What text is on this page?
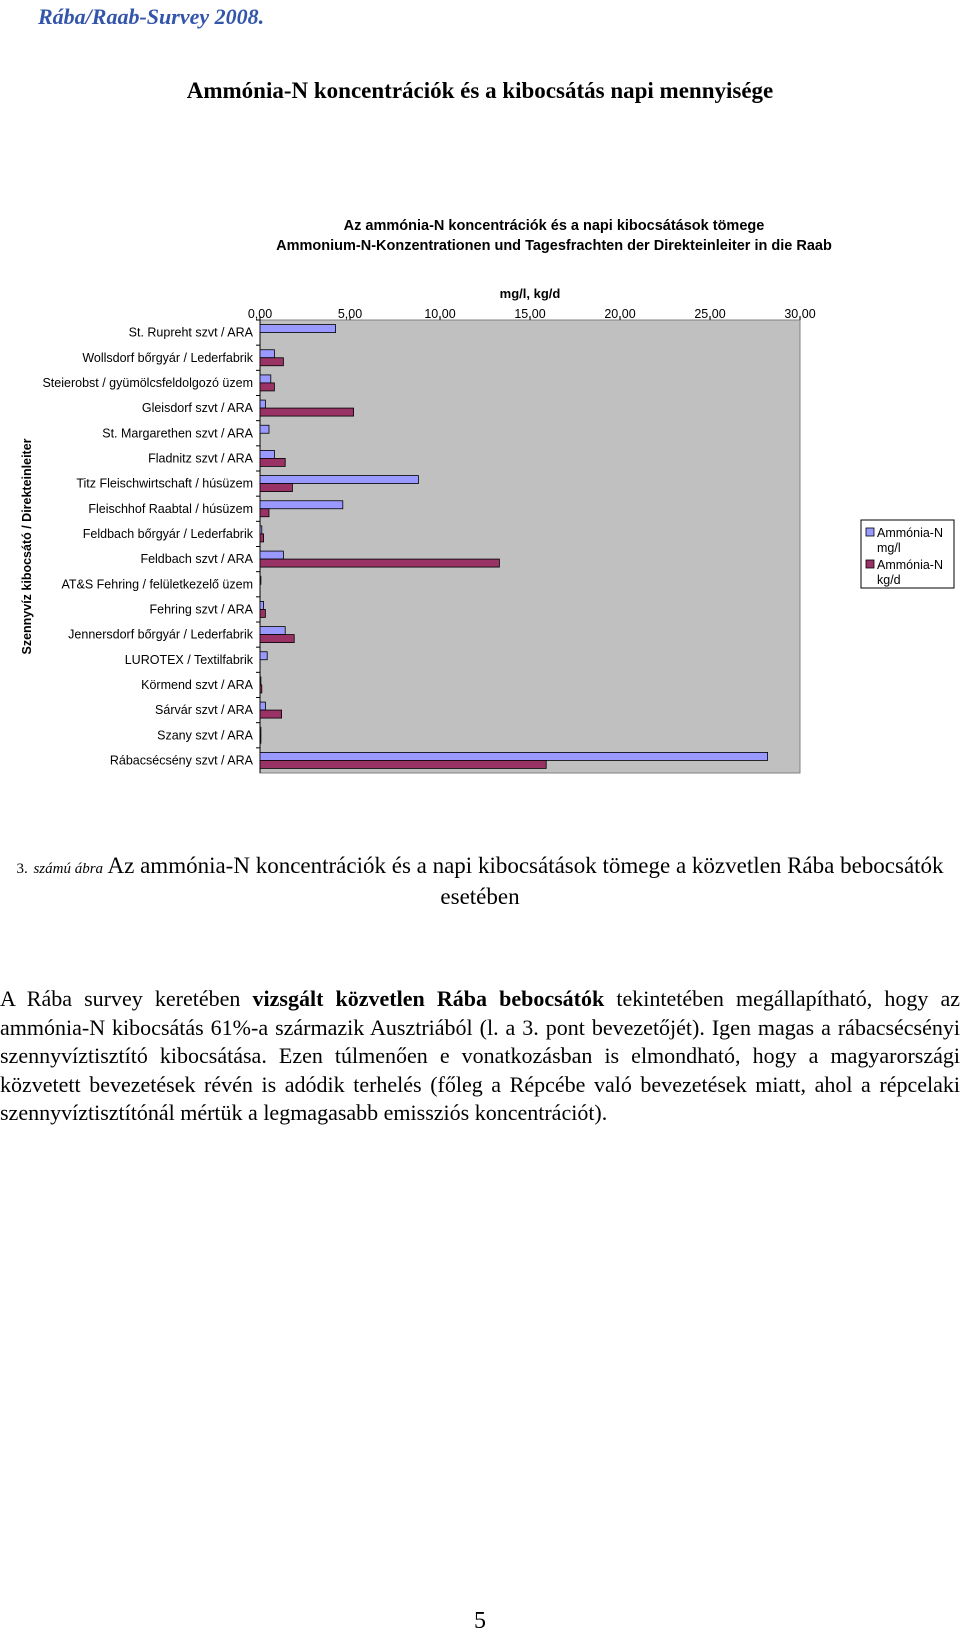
Rába/Raab-Survey 2008.
Ammónia-N koncentrációk és a kibocsátás napi mennyisége
Az ammónia-N koncentrációk és a napi kibocsátások tömege
Ammonium-N-Konzentrationen und Tagesfrachten der Direkteinleiter in die Raab
mg/l, kg/d
0,00	5,00	10,00	15,00	20,00	25,00	30,00
Szennyvíz kibocsátó / Direkteinleiter
St. Rupreht szvt / ARA
Wollsdorf bőrgyár / Lederfabrik
Steierobst / gyümölcsfeldolgozó üzem
Gleisdorf szvt / ARA
St. Margarethen szvt / ARA
Fladnitz szvt / ARA
Titz Fleischwirtschaft / húsüzem
Fleischhof Raabtal / húsüzem
Feldbach bőrgyár / Lederfabrik
Feldbach szvt / ARA
AT&S Fehring / felületkezelő üzem
Fehring szvt / ARA
Jennersdorf bőrgyár / Lederfabrik
LUROTEX / Textilfabrik
Körmend szvt / ARA
Sárvár szvt / ARA
Szany szvt / ARA
Rábacsécsény szvt / ARA
Ammónia-N mg/l
Ammónia-N kg/d
3. számú ábra Az ammónia-N koncentrációk és a napi kibocsátások tömege a közvetlen Rába bebocsátók esetében
A Rába survey keretében vizsgált közvetlen Rába bebocsátók tekintetében megállapítható, hogy az ammónia-N kibocsátás 61%-a származik Ausztriából (l. a 3. pont bevezetőjét). Igen magas a rábacsécsényi szennyvíztisztító kibocsátása. Ezen túlmenően e vonatkozásban is elmondható, hogy a magyarországi közvetett bevezetések révén is adódik terhelés (főleg a Répcébe való bevezetések miatt, ahol a répcelaki szennyvíztisztítónál mértük a legmagasabb emissziós koncentrációt).
5
